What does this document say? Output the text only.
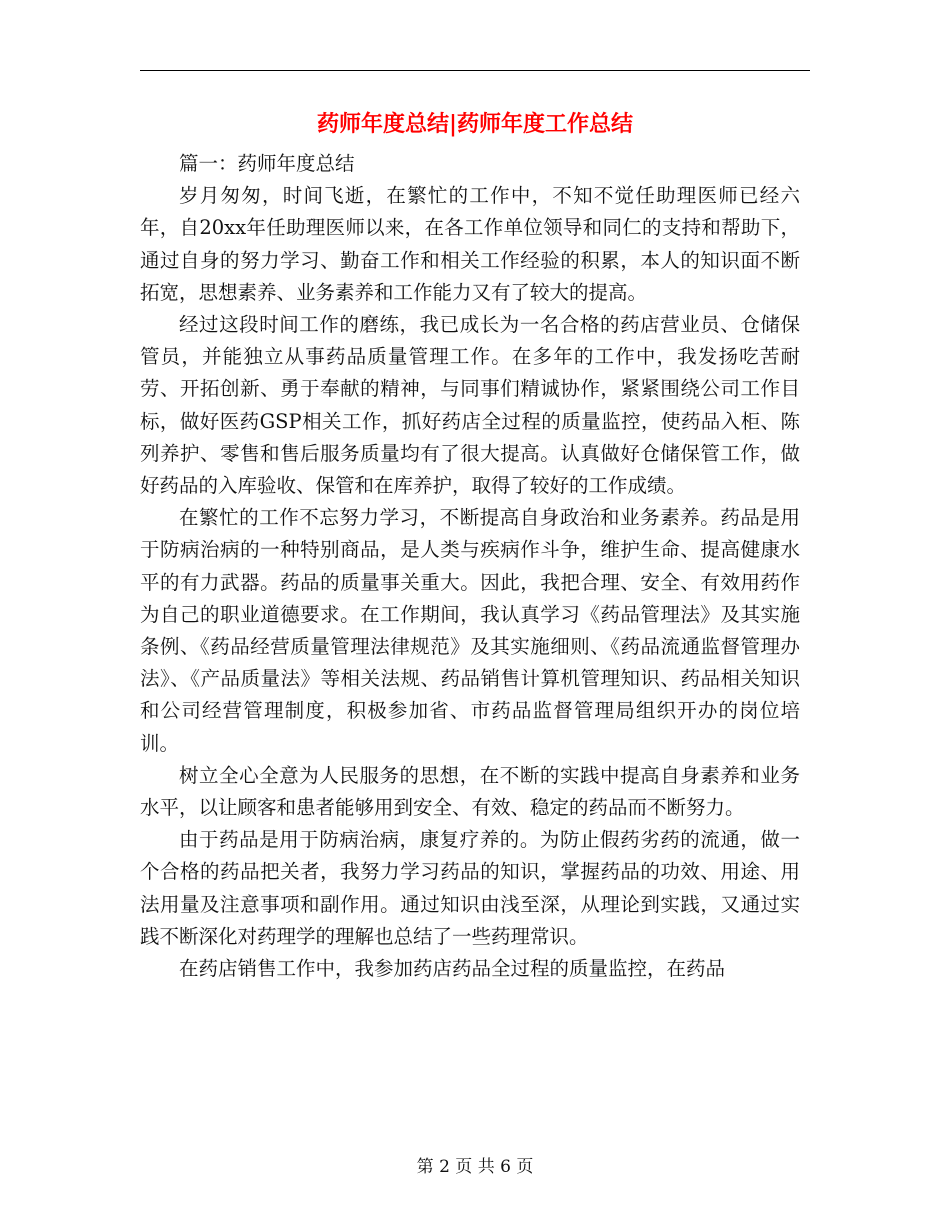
药师年度总结|药师年度工作总结

篇一：药师年度总结

岁月匆匆，时间飞逝，在繁忙的工作中，不知不觉任助理医师已经六年，自20xx年任助理医师以来，在各工作单位领导和同仁的支持和帮助下，通过自身的努力学习、勤奋工作和相关工作经验的积累，本人的知识面不断拓宽，思想素养、业务素养和工作能力又有了较大的提高。

经过这段时间工作的磨练，我已成长为一名合格的药店营业员、仓储保管员，并能独立从事药品质量管理工作。在多年的工作中，我发扬吃苦耐劳、开拓创新、勇于奉献的精神，与同事们精诚协作，紧紧围绕公司工作目标，做好医药GSP相关工作，抓好药店全过程的质量监控，使药品入柜、陈列养护、零售和售后服务质量均有了很大提高。认真做好仓储保管工作，做好药品的入库验收、保管和在库养护，取得了较好的工作成绩。

在繁忙的工作不忘努力学习，不断提高自身政治和业务素养。药品是用于防病治病的一种特别商品，是人类与疾病作斗争，维护生命、提高健康水平的有力武器。药品的质量事关重大。因此，我把合理、安全、有效用药作为自己的职业道德要求。在工作期间，我认真学习《药品管理法》及其实施条例、《药品经营质量管理法律规范》及其实施细则、《药品流通监督管理办法》、《产品质量法》等相关法规、药品销售计算机管理知识、药品相关知识和公司经营管理制度，积极参加省、市药品监督管理局组织开办的岗位培训。

树立全心全意为人民服务的思想，在不断的实践中提高自身素养和业务水平，以让顾客和患者能够用到安全、有效、稳定的药品而不断努力。

由于药品是用于防病治病，康复疗养的。为防止假药劣药的流通，做一个合格的药品把关者，我努力学习药品的知识，掌握药品的功效、用途、用法用量及注意事项和副作用。通过知识由浅至深，从理论到实践，又通过实践不断深化对药理学的理解也总结了一些药理常识。

在药店销售工作中，我参加药店药品全过程的质量监控，在药品

第 2 页 共 6 页
